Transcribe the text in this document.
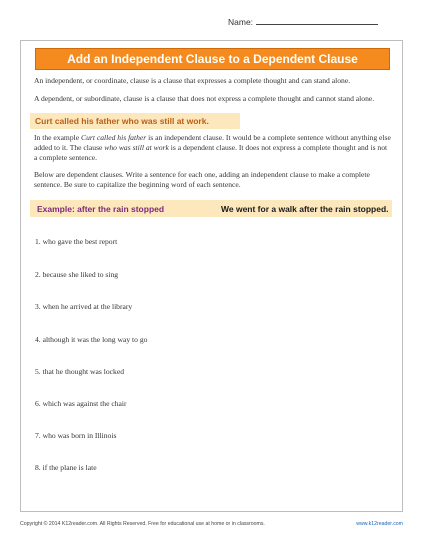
Name:
Add an Independent Clause to a Dependent Clause
An independent, or coordinate, clause is a clause that expresses a complete thought and can stand alone.
A dependent, or subordinate, clause is a clause that does not express a complete thought and cannot stand alone.
Curt called his father who was still at work.
In the example Curt called his father is an independent clause. It would be a complete sentence without anything else added to it. The clause who was still at work is a dependent clause. It does not express a complete thought and is not a complete sentence.
Below are dependent clauses. Write a sentence for each one, adding an independent clause to make a complete sentence. Be sure to capitalize the beginning word of each sentence.
Example: after the rain stopped	We went for a walk after the rain stopped.
1. who gave the best report
2. because she liked to sing
3. when he arrived at the library
4. although it was the long way to go
5. that he thought was locked
6. which was against the chair
7. who was born in Illinois
8. if the plane is late
Copyright © 2014 K12reader.com. All Rights Reserved. Free for educational use at home or in classrooms.	www.k12reader.com
